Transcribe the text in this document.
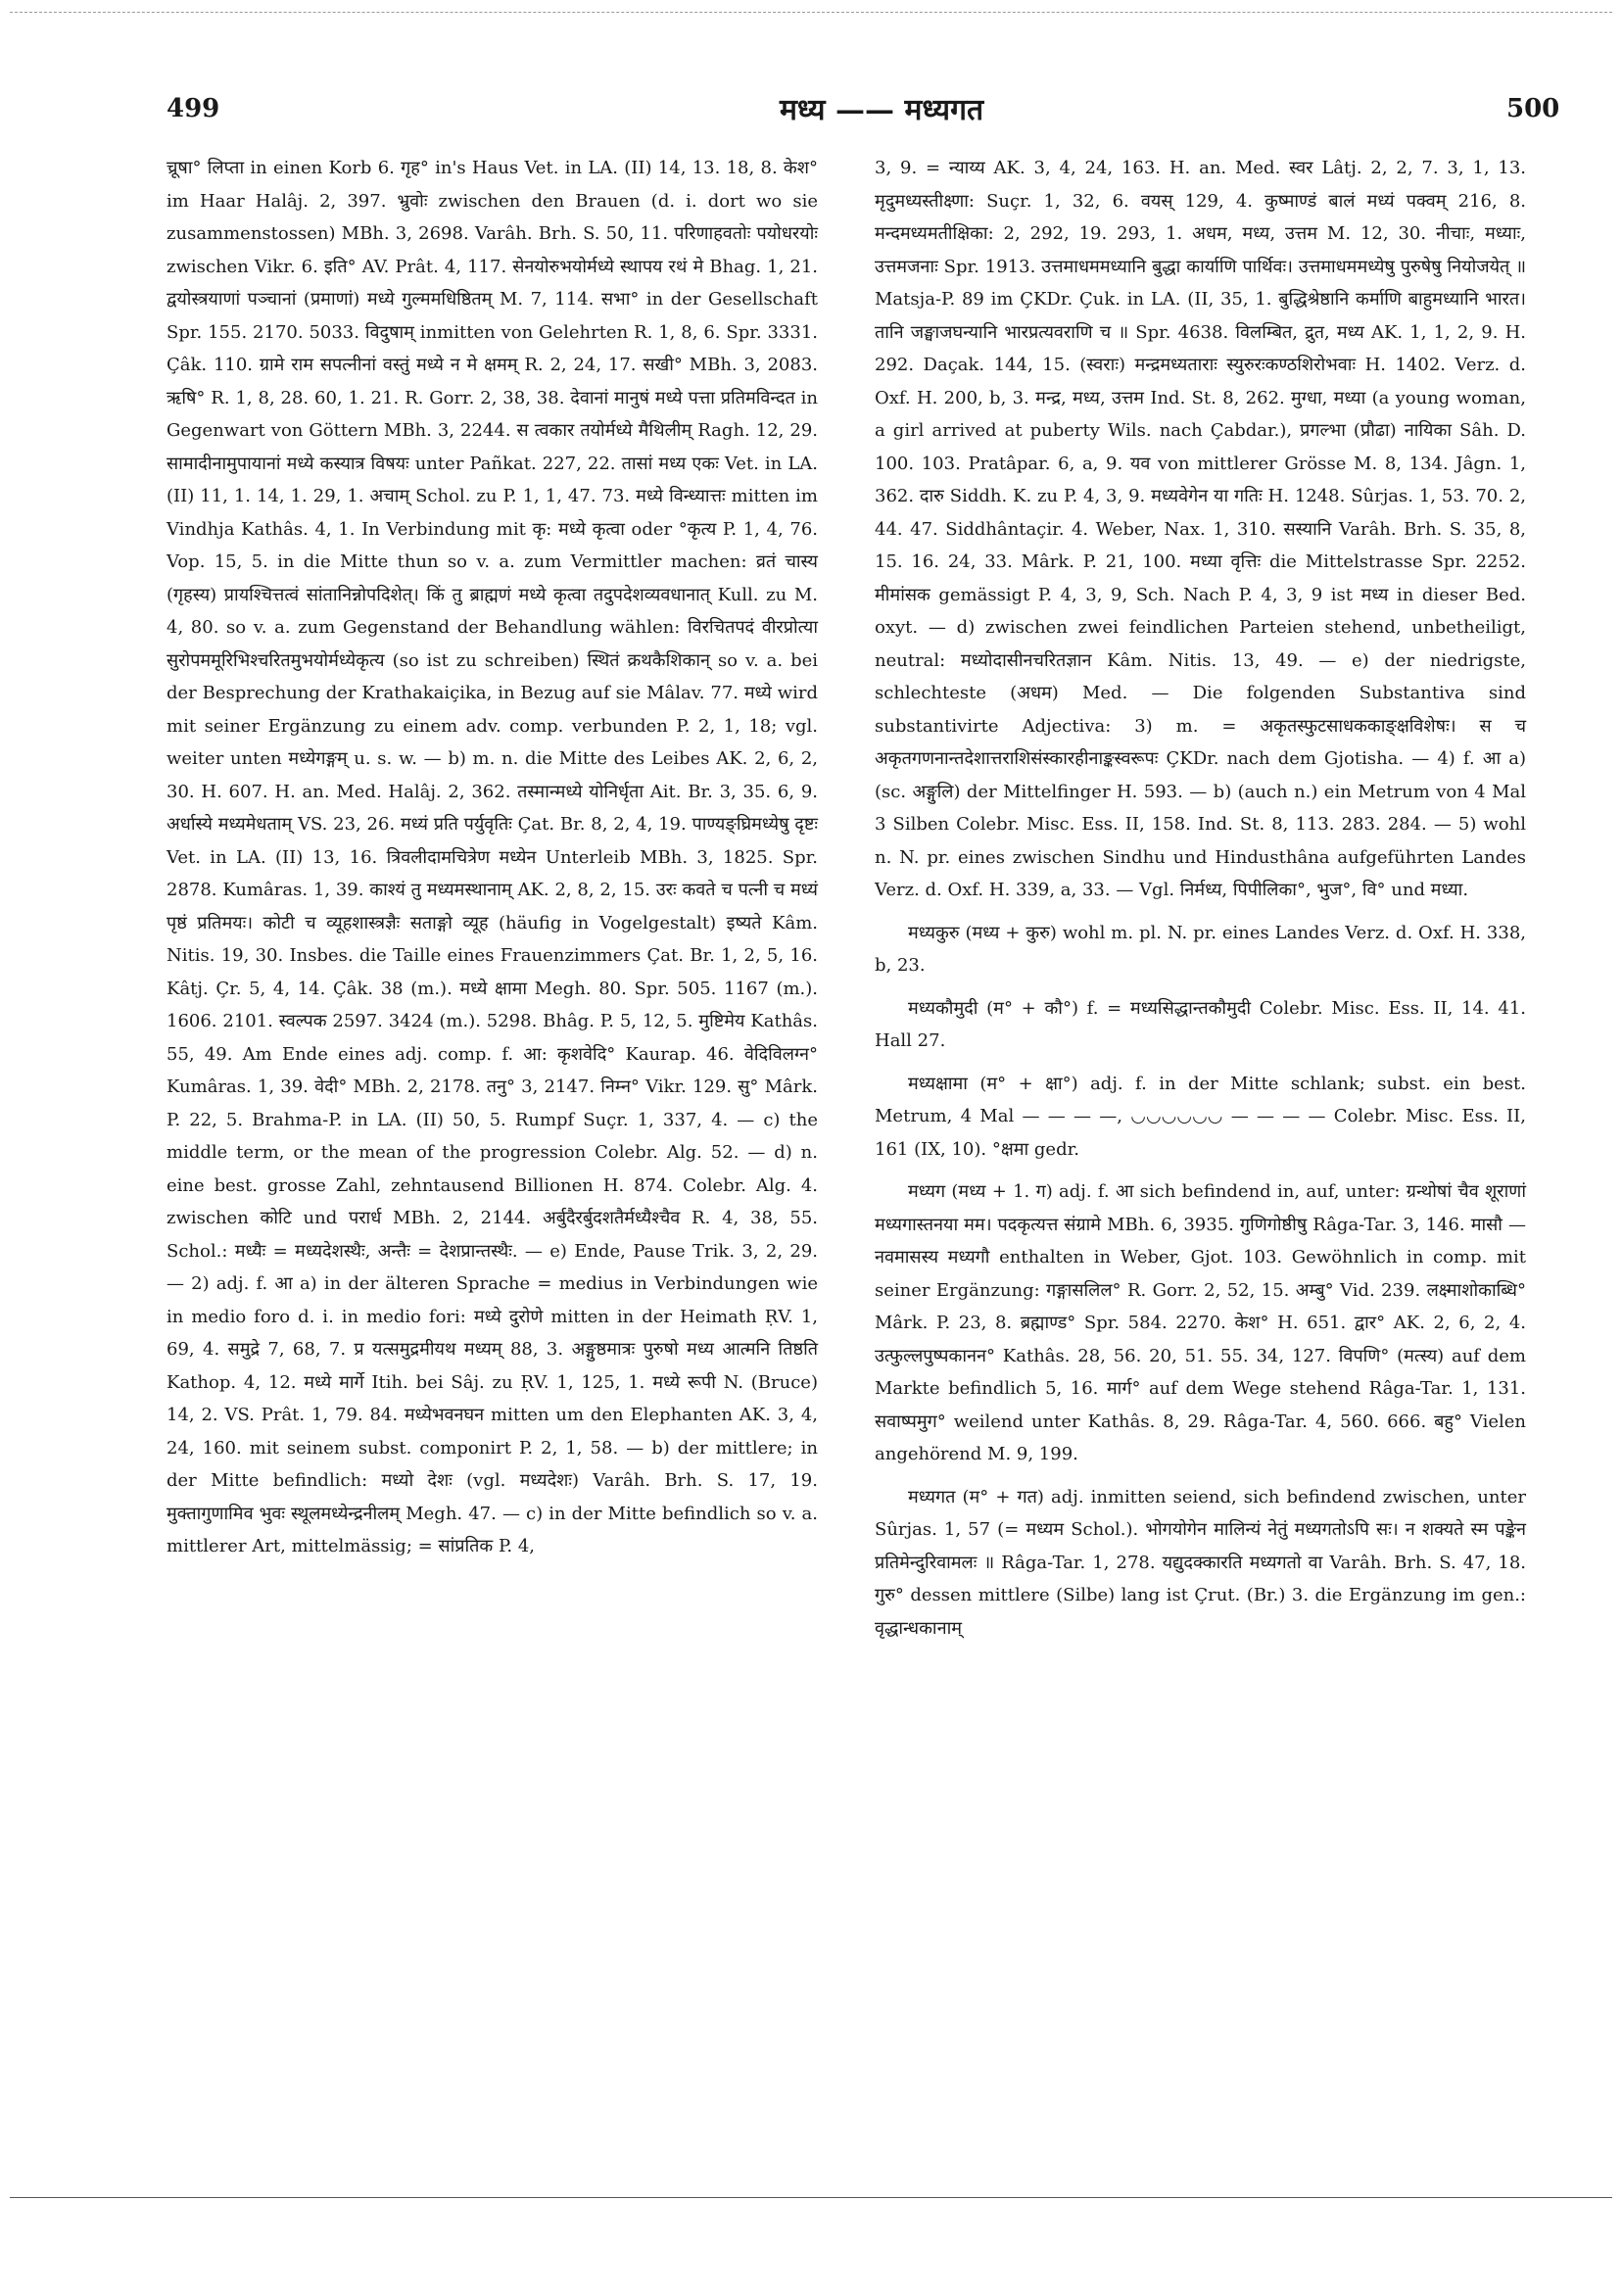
499	मध्य —— मध्यगत	500

च्रूषा° लिप्ता in einen Korb 6. गृह° in's Haus Vet. in LA. (II) 14, 13. 18, 8. केश° im Haar Halâj. 2, 397. भ्रुवोः zwischen den Brauen (d. i. dort wo sie zusammenstossen) MBh. 3, 2698. Varâh. Brh. S. 50, 11. परिणाहवतोः पयोधरयोः zwischen Vikr. 6. इति° AV. Prât. 4, 117. सेनयोरुभयोर्मध्ये स्थापय रथं मे Bhag. 1, 21. द्वयोस्त्रयाणां पञ्चानां (प्रमाणां) मध्ये गुल्ममधिष्ठितम् M. 7, 114. सभा° in der Gesellschaft Spr. 155. 2170. 5033. विदुषाम् inmitten von Gelehrten R. 1, 8, 6. Spr. 3331. Çâk. 110. ग्रामे राम सपत्नीनां वस्तुं मध्ये न मे क्षमम् R. 2, 24, 17. सखी° MBh. 3, 2083. ऋषि° R. 1, 8, 28. 60, 1. 21. R. Gorr. 2, 38, 38. देवानां मानुषं मध्ये पत्ता प्रतिमविन्दत in Gegenwart von Göttern MBh. 3, 2244. स त्वकार तयोर्मध्ये मैथिलीम् Ragh. 12, 29. सामादीनामुपायानां मध्ये कस्यात्र विषयः unter Pañkat. 227, 22. तासां मध्य एकः Vet. in LA. (II) 11, 1. 14, 1. 29, 1. अचाम् Schol. zu P. 1, 1, 47. 73. मध्ये विन्ध्यात्तः mitten im Vindhja Kathâs. 4, 1. In Verbindung mit कृ: मध्ये कृत्वा oder °कृत्य P. 1, 4, 76. Vop. 15, 5. in die Mitte thun so v. a. zum Vermittler machen: व्रतं चास्य (गृहस्य) प्रायश्चित्तत्वं सांतानिन्नोपदिशेत्। किं तु ब्राह्मणं मध्ये कृत्वा तदुपदेशव्यवधानात् Kull. zu M. 4, 80. so v. a. zum Gegenstand der Behandlung wählen: विरचितपदं वीरप्रोत्या सुरोपममूरिभिश्चरितमुभयोर्मध्येकृत्य (so ist zu schreiben) स्थितं क्रथकैशिकान् so v. a. bei der Besprechung der Krathakaiçika, in Bezug auf sie Mâlav. 77. मध्ये wird mit seiner Ergänzung zu einem adv. comp. verbunden P. 2, 1, 18; vgl. weiter unten मध्येगङ्गम् u. s. w. — b) m. n. die Mitte des Leibes AK. 2, 6, 2, 30. H. 607. H. an. Med. Halâj. 2, 362. तस्मान्मध्ये योनिर्धृता Ait. Br. 3, 35. 6, 9. अर्धास्ये मध्यमेधताम् VS. 23, 26. मध्यं प्रति पर्युवृतिः Çat. Br. 8, 2, 4, 19. पाण्यङ्घ्रिमध्येषु दृष्टः Vet. in LA. (II) 13, 16. त्रिवलीदामचित्रेण मध्येन Unterleib MBh. 3, 1825. Spr. 2878. Kumâras. 1, 39. काश्यं तु मध्यमस्थानाम् AK. 2, 8, 2, 15. उरः कवते च पत्नी च मध्यं पृष्ठं प्रतिमयः। कोटी च व्यूहशास्त्रज्ञैः सताङ्गो व्यूह (häufig in Vogelgestalt) इष्यते Kâm. Nitis. 19, 30. Insbes. die Taille eines Frauenzimmers Çat. Br. 1, 2, 5, 16. Kâtj. Çr. 5, 4, 14. Çâk. 38 (m.). मध्ये क्षामा Megh. 80. Spr. 505. 1167 (m.). 1606. 2101. स्वल्पक 2597. 3424 (m.). 5298. Bhâg. P. 5, 12, 5. मुष्टिमेय Kathâs. 55, 49. Am Ende eines adj. comp. f. आ: कृशवेदि° Kaurap. 46. वेदिविलग्न° Kumâras. 1, 39. वेदी° MBh. 2, 2178. तनु° 3, 2147. निम्न° Vikr. 129. सु° Mârk. P. 22, 5. Brahma-P. in LA. (II) 50, 5. Rumpf Suçr. 1, 337, 4. — c) the middle term, or the mean of the progression Colebr. Alg. 52. — d) n. eine best. grosse Zahl, zehntausend Billionen H. 874. Colebr. Alg. 4. zwischen कोटि und परार्ध MBh. 2, 2144. अर्बुदैरर्बुदशतैर्मध्यैश्चैव R. 4, 38, 55. Schol.: मध्यैः = मध्यदेशस्थैः, अन्तैः = देशप्रान्तस्थैः. — e) Ende, Pause Trik. 3, 2, 29. — 2) adj. f. आ a) in der älteren Sprache = medius in Verbindungen wie in medio foro d. i. in medio fori: मध्ये दुरोणे mitten in der Heimath ṚV. 1, 69, 4. समुद्रे 7, 68, 7. प्र यत्समुद्रमीयथ मध्यम् 88, 3. अङ्गुष्ठमात्रः पुरुषो मध्य आत्मनि तिष्ठति Kathop. 4, 12. मध्ये मार्गे Itih. bei Sâj. zu ṚV. 1, 125, 1. मध्ये रूपी N. (Bruce) 14, 2. VS. Prât. 1, 79. 84. मध्येभवनघन mitten um den Elephanten AK. 3, 4, 24, 160. mit seinem subst. componirt P. 2, 1, 58. — b) der mittlere; in der Mitte befindlich: मध्यो देशः (vgl. मध्यदेशः) Varâh. Brh. S. 17, 19. मुक्तागुणामिव भुवः स्थूलमध्येन्द्रनीलम् Megh. 47. — c) in der Mitte befindlich so v. a. mittlerer Art, mittelmässig; = सांप्रतिक P. 4,

3, 9. = न्याय्य AK. 3, 4, 24, 163. H. an. Med. स्वर Lâtj. 2, 2, 7. 3, 1, 13. मृदुमध्यस्तीक्ष्णा: Suçr. 1, 32, 6. वयस् 129, 4. कुष्माण्डं बालं मध्यं पक्वम् 216, 8. मन्दमध्यमतीक्षिका: 2, 292, 19. 293, 1. अधम, मध्य, उत्तम M. 12, 30. नीचाः, मध्याः, उत्तमजनाः Spr. 1913. उत्तमाधममध्यानि बुद्धा कार्याणि पार्थिवः। उत्तमाधममध्येषु पुरुषेषु नियोजयेत् ॥ Matsja-P. 89 im ÇKDr. Çuk. in LA. (II, 35, 1. बुद्धिश्रेष्ठानि कर्माणि बाहुमध्यानि भारत। तानि जङ्घाजघन्यानि भारप्रत्यवराणि च ॥ Spr. 4638. विलम्बित, द्रुत, मध्य AK. 1, 1, 2, 9. H. 292. Daçak. 144, 15. (स्वराः) मन्द्रमध्यताराः स्युरुरःकण्ठशिरोभवाः H. 1402. Verz. d. Oxf. H. 200, b, 3. मन्द्र, मध्य, उत्तम Ind. St. 8, 262. मुग्धा, मध्या (a young woman, a girl arrived at puberty Wils. nach Çabdar.), प्रगल्भा (प्रौढा) नायिका Sâh. D. 100. 103. Pratâpar. 6, a, 9. यव von mittlerer Grösse M. 8, 134. Jâgn. 1, 362. दारु Siddh. K. zu P. 4, 3, 9. मध्यवेगेन या गतिः H. 1248. Sûrjas. 1, 53. 70. 2, 44. 47. Siddhântaçir. 4. Weber, Nax. 1, 310. सस्यानि Varâh. Brh. S. 35, 8, 15. 16. 24, 33. Mârk. P. 21, 100. मध्या वृत्तिः die Mittelstrasse Spr. 2252. मीमांसक gemässigt P. 4, 3, 9, Sch. Nach P. 4, 3, 9 ist मध्य in dieser Bed. oxyt. — d) zwischen zwei feindlichen Parteien stehend, unbetheiligt, neutral: मध्योदासीनचरितज्ञान Kâm. Nitis. 13, 49. — e) der niedrigste, schlechteste (अधम) Med. — Die folgenden Substantiva sind substantivirte Adjectiva: 3) m. = अकृतस्फुटसाधककाङ्क्षविशेषः। स च अकृतगणनान्तदेशात्तराशिसंस्कारहीनाङ्कस्वरूपः ÇKDr. nach dem Gjotisha. — 4) f. आ a) (sc. अङ्गुलि) der Mittelfinger H. 593. — b) (auch n.) ein Metrum von 4 Mal 3 Silben Colebr. Misc. Ess. II, 158. Ind. St. 8, 113. 283. 284. — 5) wohl n. N. pr. eines zwischen Sindhu und Hindusthâna aufgeführten Landes Verz. d. Oxf. H. 339, a, 33. — Vgl. निर्मध्य, पिपीलिका°, भुज°, वि° und मध्या.

मध्यकुरु (मध्य + कुरु) wohl m. pl. N. pr. eines Landes Verz. d. Oxf. H. 338, b, 23.

मध्यकौमुदी (म° + कौ°) f. = मध्यसिद्धान्तकौमुदी Colebr. Misc. Ess. II, 14. 41. Hall 27.

मध्यक्षामा (म° + क्षा°) adj. f. in der Mitte schlank; subst. ein best. Metrum, 4 Mal — — — —, ◡◡◡◡◡◡ — — — — Colebr. Misc. Ess. II, 161 (IX, 10). °क्षमा gedr.

मध्यग (मध्य + 1. ग) adj. f. आ sich befindend in, auf, unter: ग्रन्थोषां चैव शूराणां मध्यगास्तनया मम। पदकृत्यत्त संग्रामे MBh. 6, 3935. गुणिगोष्ठीषु Râga-Tar. 3, 146. मासौ — नवमासस्य मध्यगौ enthalten in Weber, Gjot. 103. Gewöhnlich in comp. mit seiner Ergänzung: गङ्गासलिल° R. Gorr. 2, 52, 15. अम्बु° Vid. 239. लक्ष्माशोकाब्धि° Mârk. P. 23, 8. ब्रह्माण्ड° Spr. 584. 2270. केश° H. 651. द्वार° AK. 2, 6, 2, 4. उत्फुल्लपुष्पकानन° Kathâs. 28, 56. 20, 51. 55. 34, 127. विपणि° (मत्स्य) auf dem Markte befindlich 5, 16. मार्ग° auf dem Wege stehend Râga-Tar. 1, 131. सवाष्पमुग° weilend unter Kathâs. 8, 29. Râga-Tar. 4, 560. 666. बहु° Vielen angehörend M. 9, 199.

मध्यगत (म° + गत) adj. inmitten seiend, sich befindend zwischen, unter Sûrjas. 1, 57 (= मध्यम Schol.). भोगयोगेन मालिन्यं नेतुं मध्यगतोऽपि सः। न शक्यते स्म पङ्केन प्रतिमेन्दुरिवामलः ॥ Râga-Tar. 1, 278. यद्युदक्कारति मध्यगतो वा Varâh. Brh. S. 47, 18. गुरु° dessen mittlere (Silbe) lang ist Çrut. (Br.) 3. die Ergänzung im gen.: वृद्धान्धकानाम्
